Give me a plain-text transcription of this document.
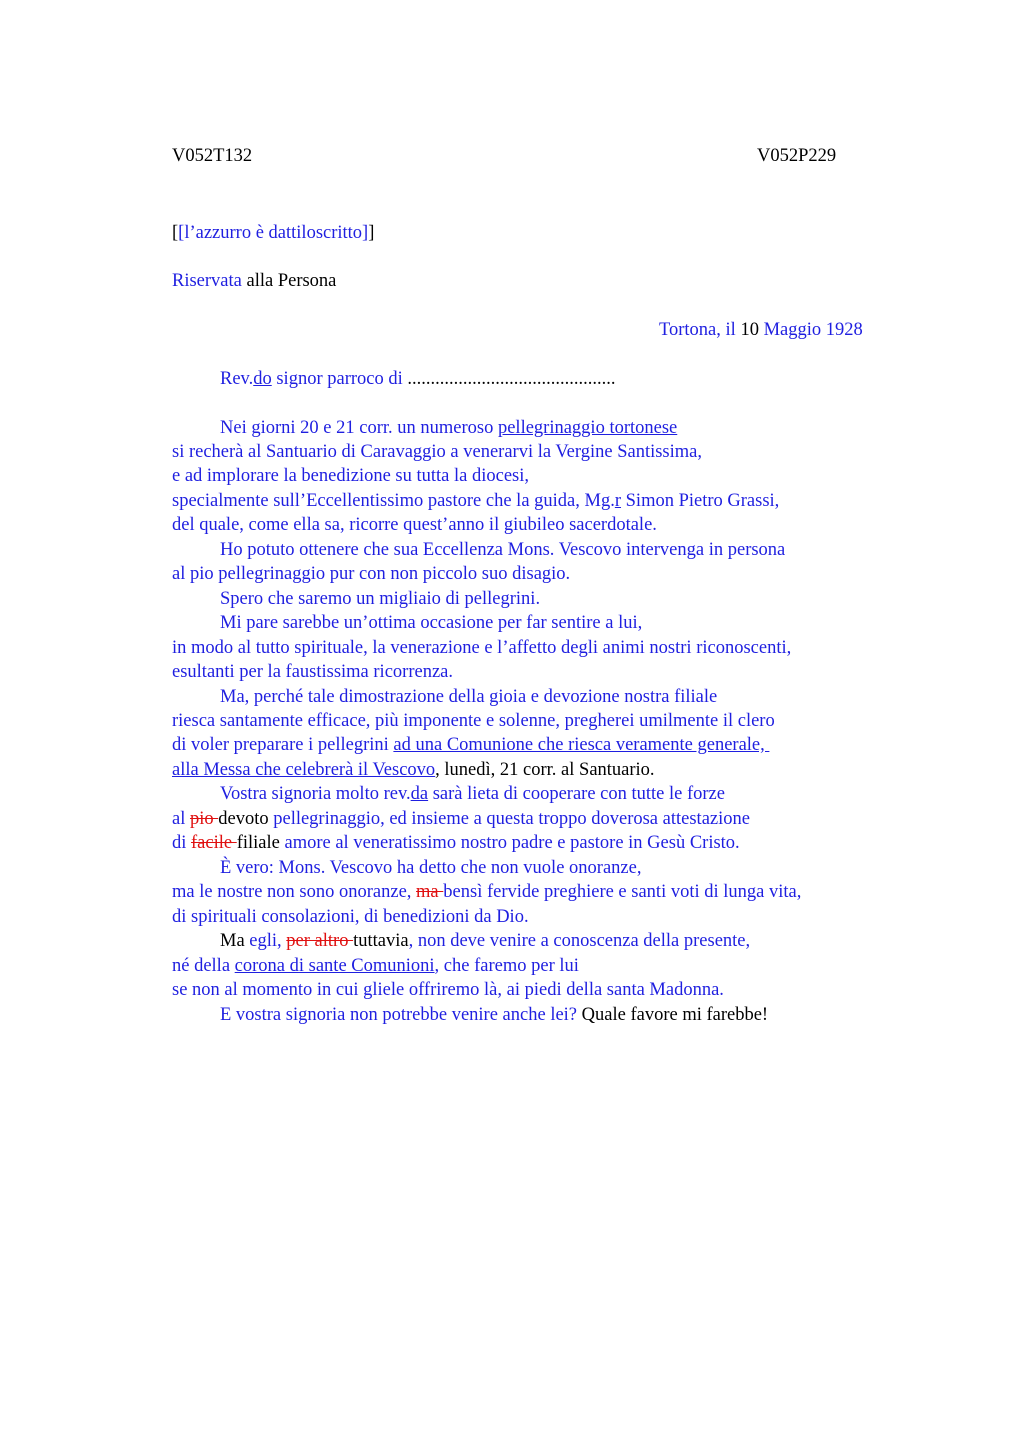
V052T132	V052P229
[[l’azzurro è dattiloscritto]]
Riservata alla Persona
Tortona, il 10 Maggio 1928
Rev.do signor parroco di .............................................
Nei giorni 20 e 21 corr. un numeroso pellegrinaggio tortonese
si recherà al Santuario di Caravaggio a venerarvi la Vergine Santissima,
e ad implorare la benedizione su tutta la diocesi,
specialmente sull’Eccellentissimo pastore che la guida, Mg.r Simon Pietro Grassi,
del quale, come ella sa, ricorre quest’anno il giubileo sacerdotale.
Ho potuto ottenere che sua Eccellenza Mons. Vescovo intervenga in persona
al pio pellegrinaggio pur con non piccolo suo disagio.
Spero che saremo un migliaio di pellegrini.
Mi pare sarebbe un’ottima occasione per far sentire a lui,
in modo al tutto spirituale, la venerazione e l’affetto degli animi nostri riconoscenti,
esultanti per la faustissima ricorrenza.
Ma, perché tale dimostrazione della gioia e devozione nostra filiale
riesca santamente efficace, più imponente e solenne, pregherei umilmente il clero
di voler preparare i pellegrini ad una Comunione che riesca veramente generale,
alla Messa che celebrerà il Vescovo, lunedì, 21 corr. al Santuario.
Vostra signoria molto rev.da sarà lieta di cooperare con tutte le forze
al pio devoto pellegrinaggio, ed insieme a questa troppo doverosa attestazione
di facile filiale amore al veneratissimo nostro padre e pastore in Gesù Cristo.
È vero: Mons. Vescovo ha detto che non vuole onoranze,
ma le nostre non sono onoranze, ma bensì fervide preghiere e santi voti di lunga vita,
di spirituali consolazioni, di benedizioni da Dio.
Ma egli, per altro tuttavia, non deve venire a conoscenza della presente,
né della corona di sante Comunioni, che faremo per lui
se non al momento in cui gliele offriremo là, ai piedi della santa Madonna.
E vostra signoria non potrebbe venire anche lei? Quale favore mi farebbe!
